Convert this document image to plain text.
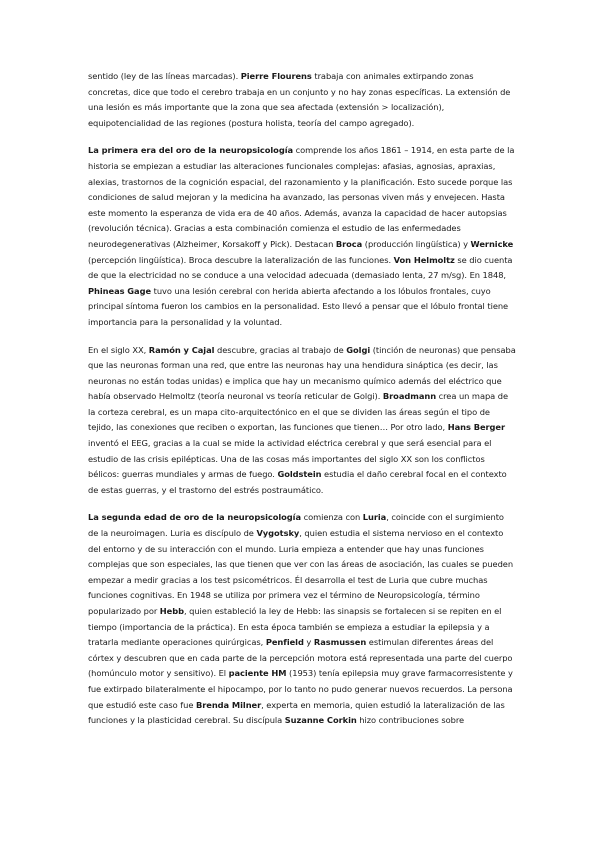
sentido (ley de las líneas marcadas). Pierre Flourens trabaja con animales extirpando zonas concretas, dice que todo el cerebro trabaja en un conjunto y no hay zonas específicas. La extensión de una lesión es más importante que la zona que sea afectada (extensión > localización), equipotencialidad de las regiones (postura holista, teoría del campo agregado).

La primera era del oro de la neuropsicología comprende los años 1861 – 1914, en esta parte de la historia se empiezan a estudiar las alteraciones funcionales complejas: afasias, agnosias, apraxias, alexias, trastornos de la cognición espacial, del razonamiento y la planificación. Esto sucede porque las condiciones de salud mejoran y la medicina ha avanzado, las personas viven más y envejecen. Hasta este momento la esperanza de vida era de 40 años. Además, avanza la capacidad de hacer autopsias (revolución técnica). Gracias a esta combinación comienza el estudio de las enfermedades neurodegenerativas (Alzheimer, Korsakoff y Pick). Destacan Broca (producción lingüística) y Wernicke (percepción lingüística). Broca descubre la lateralización de las funciones. Von Helmoltz se dio cuenta de que la electricidad no se conduce a una velocidad adecuada (demasiado lenta, 27 m/sg). En 1848, Phineas Gage tuvo una lesión cerebral con herida abierta afectando a los lóbulos frontales, cuyo principal síntoma fueron los cambios en la personalidad. Esto llevó a pensar que el lóbulo frontal tiene importancia para la personalidad y la voluntad.

En el siglo XX, Ramón y Cajal descubre, gracias al trabajo de Golgi (tinción de neuronas) que pensaba que las neuronas forman una red, que entre las neuronas hay una hendidura sináptica (es decir, las neuronas no están todas unidas) e implica que hay un mecanismo químico además del eléctrico que había observado Helmoltz (teoría neuronal vs teoría reticular de Golgi). Broadmann crea un mapa de la corteza cerebral, es un mapa cito-arquitectónico en el que se dividen las áreas según el tipo de tejido, las conexiones que reciben o exportan, las funciones que tienen… Por otro lado, Hans Berger inventó el EEG, gracias a la cual se mide la actividad eléctrica cerebral y que será esencial para el estudio de las crisis epilépticas. Una de las cosas más importantes del siglo XX son los conflictos bélicos: guerras mundiales y armas de fuego. Goldstein estudia el daño cerebral focal en el contexto de estas guerras, y el trastorno del estrés postraumático.

La segunda edad de oro de la neuropsicología comienza con Luria, coincide con el surgimiento de la neuroimagen. Luria es discípulo de Vygotsky, quien estudia el sistema nervioso en el contexto del entorno y de su interacción con el mundo. Luria empieza a entender que hay unas funciones complejas que son especiales, las que tienen que ver con las áreas de asociación, las cuales se pueden empezar a medir gracias a los test psicométricos. Él desarrolla el test de Luria que cubre muchas funciones cognitivas. En 1948 se utiliza por primera vez el término de Neuropsicología, término popularizado por Hebb, quien estableció la ley de Hebb: las sinapsis se fortalecen si se repiten en el tiempo (importancia de la práctica). En esta época también se empieza a estudiar la epilepsia y a tratarla mediante operaciones quirúrgicas, Penfield y Rasmussen estimulan diferentes áreas del córtex y descubren que en cada parte de la percepción motora está representada una parte del cuerpo (homúnculo motor y sensitivo). El paciente HM (1953) tenía epilepsia muy grave farmacorresistente y fue extirpado bilateralmente el hipocampo, por lo tanto no pudo generar nuevos recuerdos. La persona que estudió este caso fue Brenda Milner, experta en memoria, quien estudió la lateralización de las funciones y la plasticidad cerebral. Su discípula Suzanne Corkin hizo contribuciones sobre
